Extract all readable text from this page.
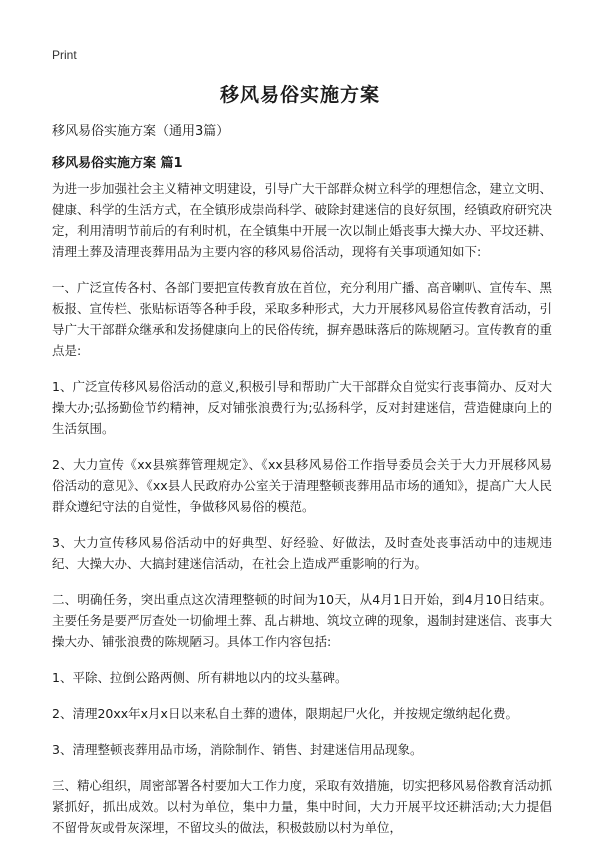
Print
移风易俗实施方案
移风易俗实施方案（通用3篇）
移风易俗实施方案 篇1

为进一步加强社会主义精神文明建设，引导广大干部群众树立科学的理想信念，建立文明、健康、科学的生活方式，在全镇形成崇尚科学、破除封建迷信的良好氛围，经镇政府研究决定，利用清明节前后的有利时机，在全镇集中开展一次以制止婚丧事大操大办、平坟还耕、清理土葬及清理丧葬用品为主要内容的移风易俗活动，现将有关事项通知如下:

一、广泛宣传各村、各部门要把宣传教育放在首位，充分利用广播、高音喇叭、宣传车、黑板报、宣传栏、张贴标语等各种手段，采取多种形式，大力开展移风易俗宣传教育活动，引导广大干部群众继承和发扬健康向上的民俗传统，摒弃愚昧落后的陈规陋习。宣传教育的重点是:

1、广泛宣传移风易俗活动的意义,积极引导和帮助广大干部群众自觉实行丧事简办、反对大操大办;弘扬勤俭节约精神，反对铺张浪费行为;弘扬科学，反对封建迷信，营造健康向上的生活氛围。

2、大力宣传《xx县殡葬管理规定》、《xx县移风易俗工作指导委员会关于大力开展移风易俗活动的意见》、《xx县人民政府办公室关于清理整顿丧葬用品市场的通知》，提高广大人民群众遵纪守法的自觉性，争做移风易俗的模范。

3、大力宣传移风易俗活动中的好典型、好经验、好做法，及时查处丧事活动中的违规违纪、大操大办、大搞封建迷信活动，在社会上造成严重影响的行为。

二、明确任务，突出重点这次清理整顿的时间为10天，从4月1日开始，到4月10日结束。主要任务是要严厉查处一切偷埋土葬、乱占耕地、筑坟立碑的现象，遏制封建迷信、丧事大操大办、铺张浪费的陈规陋习。具体工作内容包括:

1、平除、拉倒公路两侧、所有耕地以内的坟头墓碑。

2、清理20xx年x月x日以来私自土葬的遗体，限期起尸火化，并按规定缴纳起化费。

3、清理整顿丧葬用品市场，消除制作、销售、封建迷信用品现象。

三、精心组织，周密部署各村要加大工作力度，采取有效措施，切实把移风易俗教育活动抓紧抓好，抓出成效。以村为单位，集中力量，集中时间，大力开展平坟还耕活动;大力提倡不留骨灰或骨灰深埋，不留坟头的做法，积极鼓励以村为单位，
